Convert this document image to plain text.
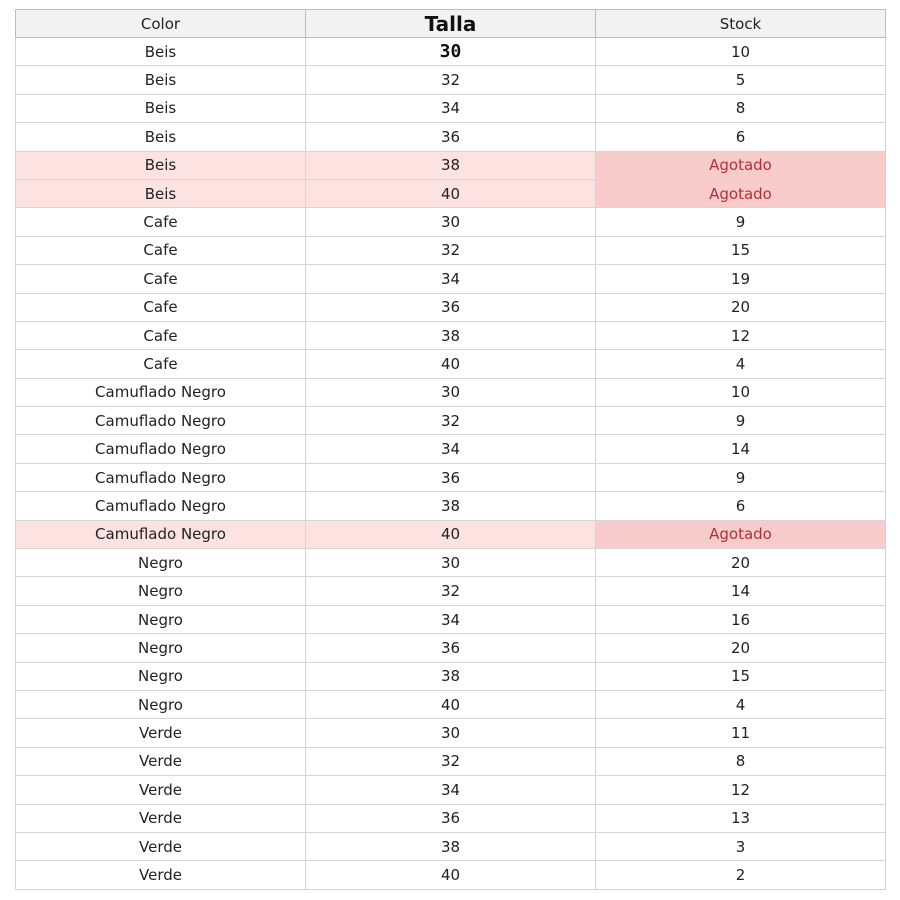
Color	Talla	Stock
Beis	30	10
Beis	32	5
Beis	34	8
Beis	36	6
Beis	38	Agotado
Beis	40	Agotado
Cafe	30	9
Cafe	32	15
Cafe	34	19
Cafe	36	20
Cafe	38	12
Cafe	40	4
Camuflado Negro	30	10
Camuflado Negro	32	9
Camuflado Negro	34	14
Camuflado Negro	36	9
Camuflado Negro	38	6
Camuflado Negro	40	Agotado
Negro	30	20
Negro	32	14
Negro	34	16
Negro	36	20
Negro	38	15
Negro	40	4
Verde	30	11
Verde	32	8
Verde	34	12
Verde	36	13
Verde	38	3
Verde	40	2
